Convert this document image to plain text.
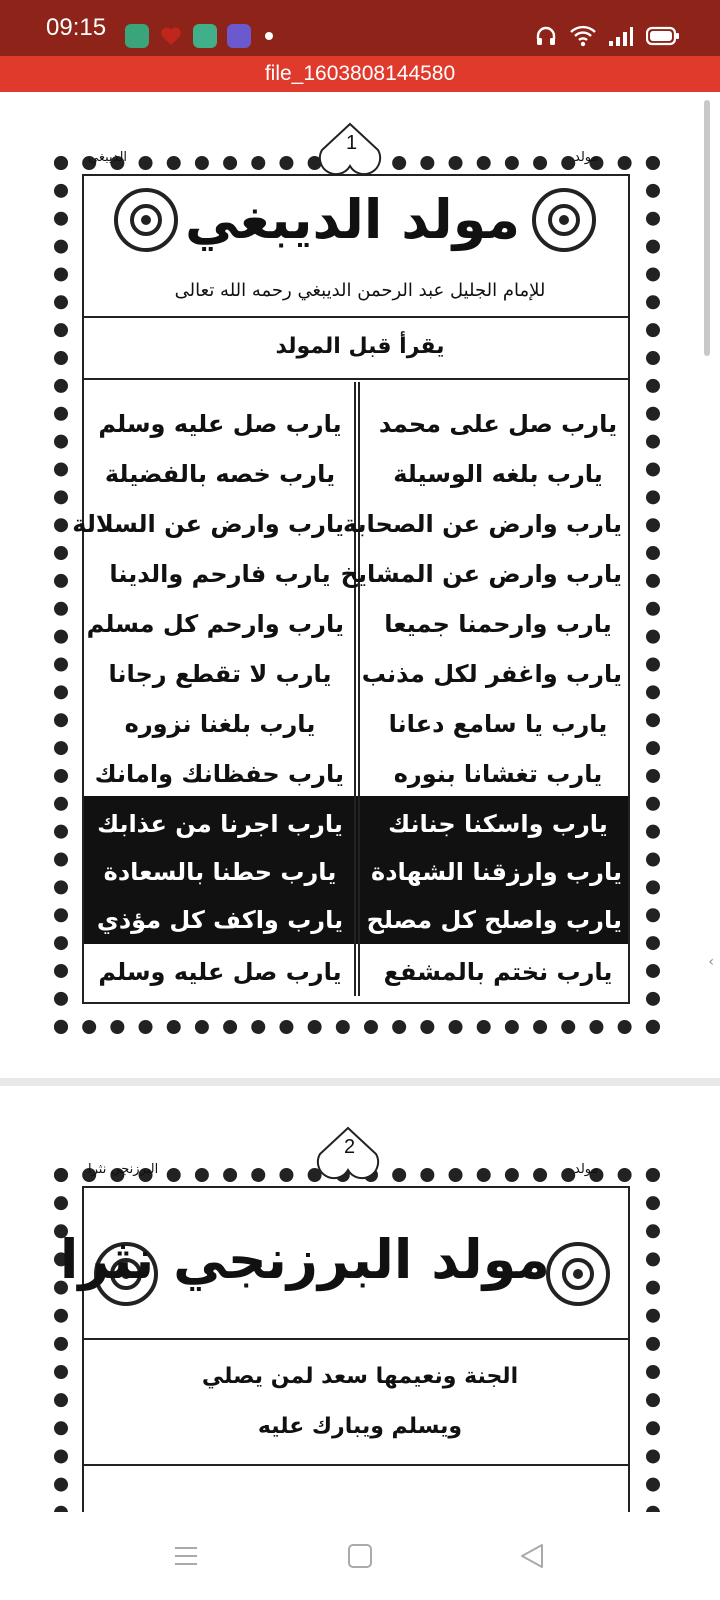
09:15
file_1603808144580
الديبغي	مولد
1
مولد الديبغي
للإمام الجليل عبد الرحمن الديبغي رحمه الله تعالى
يقرأ قبل المولد
يارب صل على محمد
يارب بلغه الوسيلة
يارب وارض عن الصحابة
يارب وارض عن المشايخ
يارب وارحمنا جميعا
يارب واغفر لكل مذنب
يارب يا سامع دعانا
يارب تغشانا بنوره
يارب واسكنا جنانك
يارب وارزقنا الشهادة
يارب واصلح كل مصلح
يارب نختم بالمشفع
يارب صل عليه وسلم
يارب خصه بالفضيلة
يارب وارض عن السلالة
يارب فارحم والدينا
يارب وارحم كل مسلم
يارب لا تقطع رجانا
يارب بلغنا نزوره
يارب حفظانك وامانك
يارب اجرنا من عذابك
يارب حطنا بالسعادة
يارب واكف كل مؤذي
يارب صل عليه وسلم
البرزنجي نثرا	مولد
2
مولد البرزنجي نثرا
الجنة ونعيمها سعد لمن يصلي
ويسلم ويبارك عليه
‹
